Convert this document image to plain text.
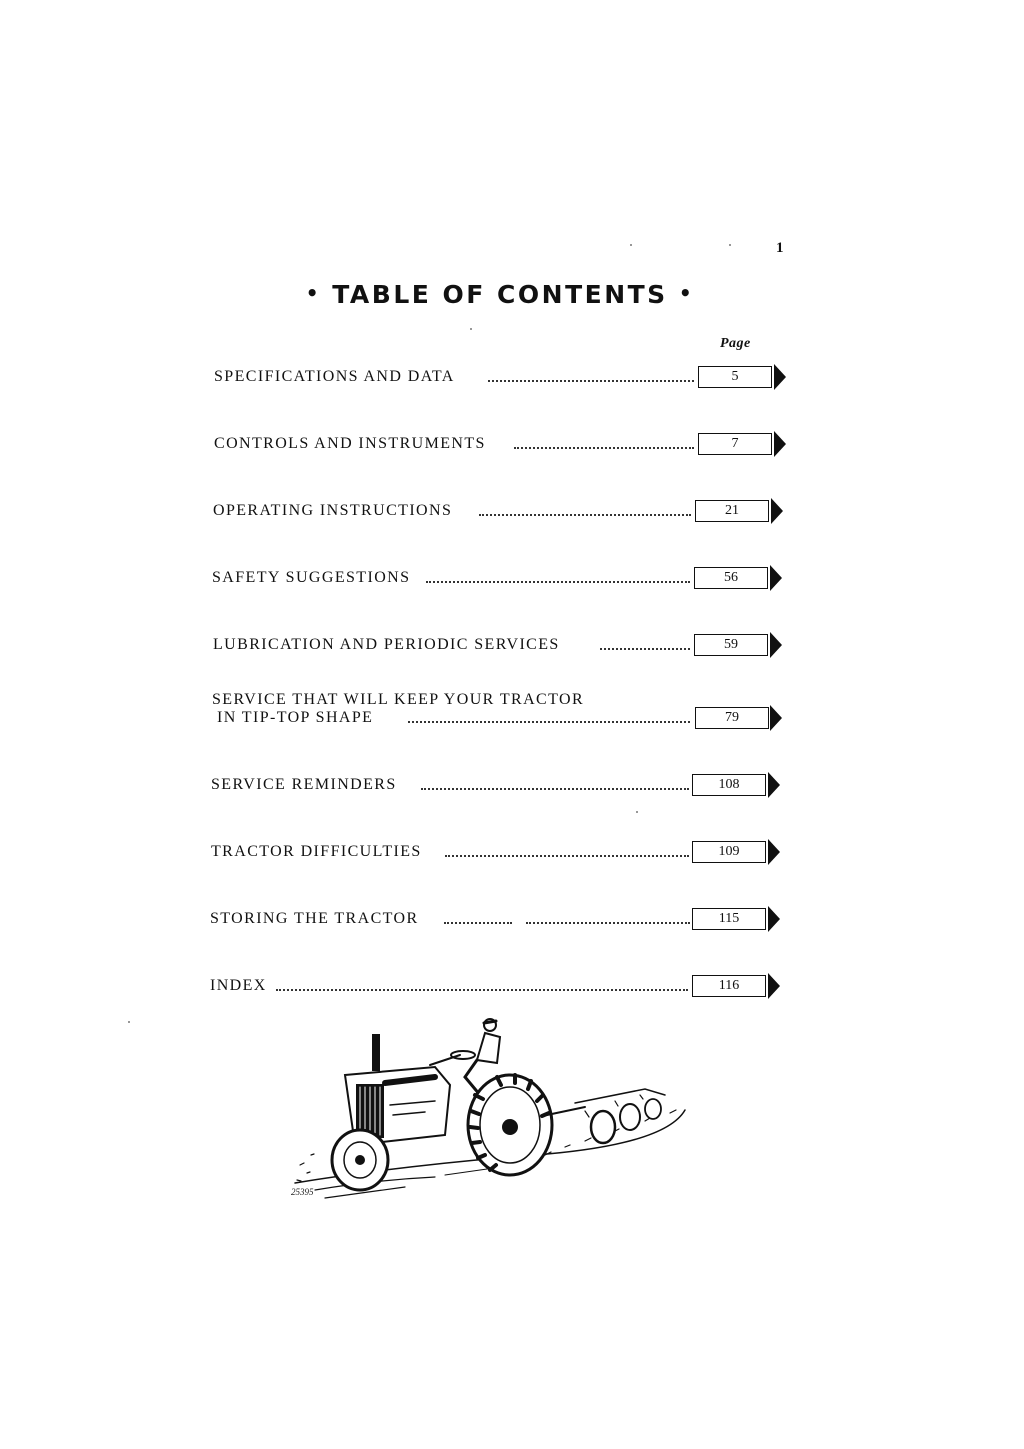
1
• TABLE OF CONTENTS •
Page
SPECIFICATIONS AND DATA	5
CONTROLS AND INSTRUMENTS	7
OPERATING INSTRUCTIONS	21
SAFETY SUGGESTIONS	56
LUBRICATION AND PERIODIC SERVICES	59
SERVICE THAT WILL KEEP YOUR TRACTOR
IN TIP-TOP SHAPE	79
SERVICE REMINDERS	108
TRACTOR DIFFICULTIES	109
STORING THE TRACTOR	115
INDEX	116
25395
